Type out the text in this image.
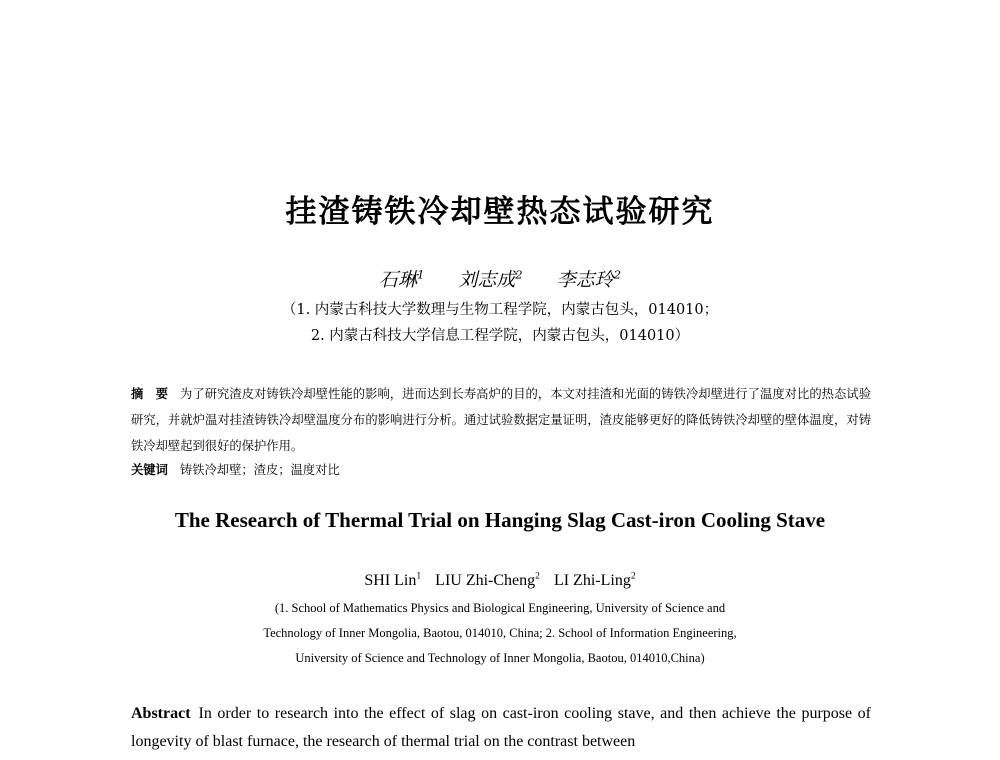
挂渣铸铁冷却壁热态试验研究
石琳$^1$ 刘志成$^2$ 李志玲$^2$
（1. 内蒙古科技大学数理与生物工程学院，内蒙古包头，014010；
2. 内蒙古科技大学信息工程学院，内蒙古包头，014010）
摘　要 为了研究渣皮对铸铁冷却壁性能的影响，进而达到长寿高炉的目的，本文对挂渣和光面的铸铁冷却壁进行了温度对比的热态试验研究，并就炉温对挂渣铸铁冷却壁温度分布的影响进行分析。通过试验数据定量证明，渣皮能够更好的降低铸铁冷却壁的壁体温度，对铸铁冷却壁起到很好的保护作用。
关键词 铸铁冷却壁；渣皮；温度对比
The Research of Thermal Trial on Hanging Slag Cast-iron Cooling Stave
SHI Lin$^1$ LIU Zhi-Cheng$^2$ LI Zhi-Ling$^2$
(1. School of Mathematics Physics and Biological Engineering, University of Science and
Technology of Inner Mongolia, Baotou, 014010, China; 2. School of Information Engineering,
University of Science and Technology of Inner Mongolia, Baotou, 014010,China)
Abstract In order to research into the effect of slag on cast-iron cooling stave, and then achieve the purpose of longevity of blast furnace, the research of thermal trial on the contrast between
